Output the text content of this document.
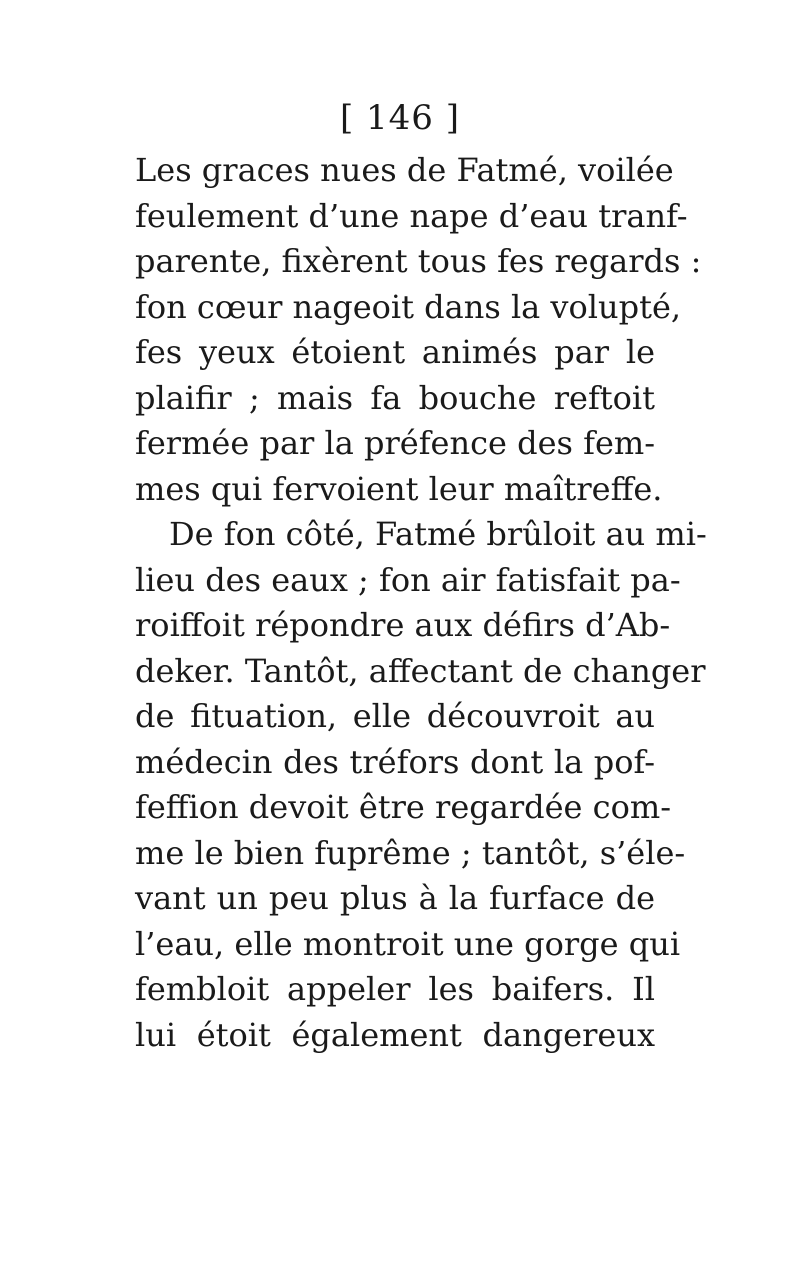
[ 146 ]
Les graces nues de Fatmé, voilée
feulement d’une nape d’eau tranf-
parente, fixèrent tous fes regards :
fon cœur nageoit dans la volupté,
fes yeux étoient animés par le
plaifir ; mais fa bouche reftoit
fermée par la préfence des fem-
mes qui fervoient leur maîtreffe.
De fon côté, Fatmé brûloit au mi-
lieu des eaux ; fon air fatisfait pa-
roiffoit répondre aux défirs d’Ab-
deker. Tantôt, affectant de changer
de fituation, elle découvroit au
médecin des tréfors dont la pof-
feffion devoit être regardée com-
me le bien fuprême ; tantôt, s’éle-
vant un peu plus à la furface de
l’eau, elle montroit une gorge qui
fembloit appeler les baifers. Il
lui étoit également dangereux
